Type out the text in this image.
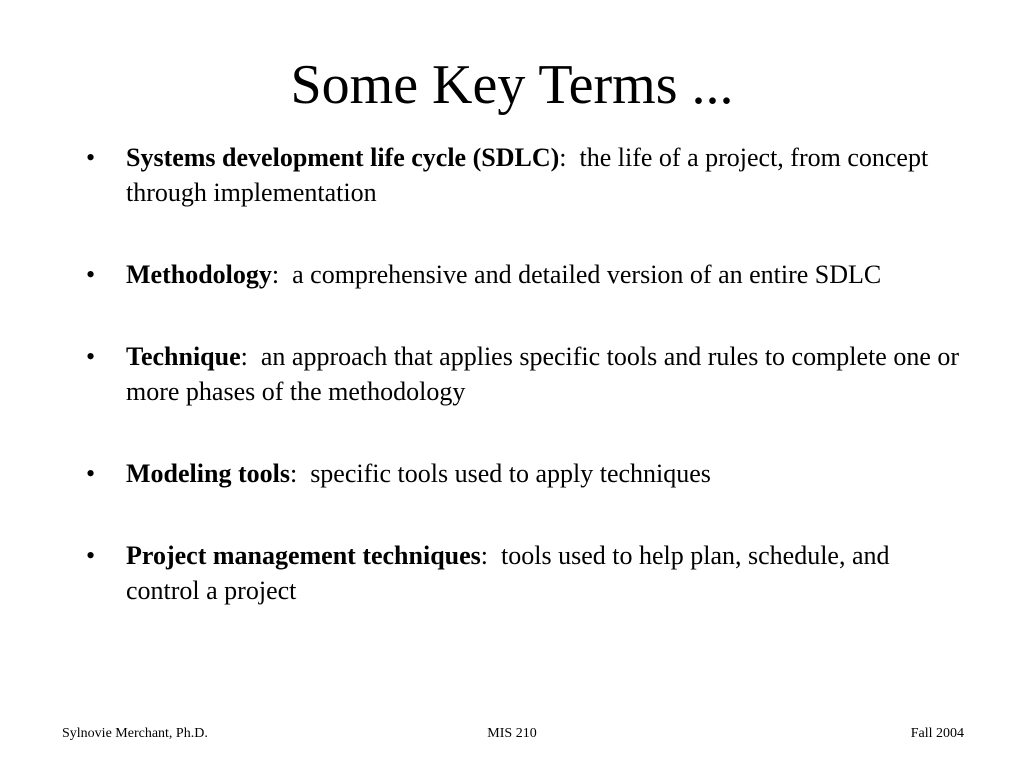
Some Key Terms ...
• Systems development life cycle (SDLC):  the life of a project, from concept through implementation
• Methodology:  a comprehensive and detailed version of an entire SDLC
• Technique:  an approach that applies specific tools and rules to complete one or more phases of the methodology
• Modeling tools:  specific tools used to apply techniques
• Project management techniques:  tools used to help plan, schedule, and control a project
Sylnovie Merchant, Ph.D.	MIS 210	Fall 2004
